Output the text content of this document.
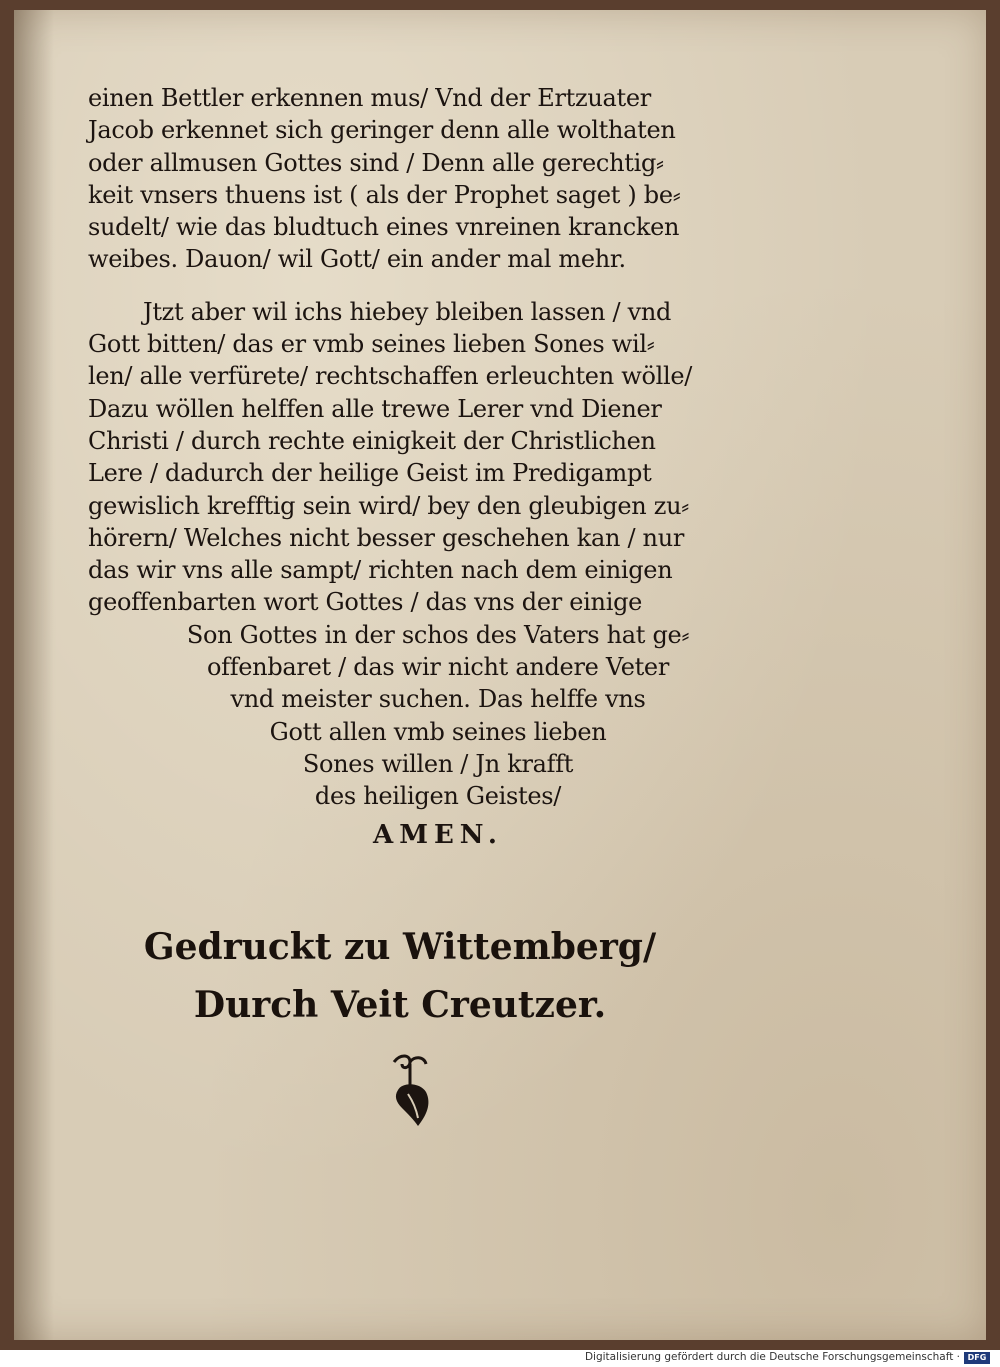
einen Bettler erkennen mus/ Vnd der Ertzuater
Jacob erkennet sich geringer denn alle wolthaten
oder allmusen Gottes sind / Denn alle gerechtig⸗
keit vnsers thuens ist ( als der Prophet saget ) be⸗
sudelt/ wie das bludtuch eines vnreinen krancken
weibes. Dauon/ wil Gott/ ein ander mal mehr.
Jtzt aber wil ichs hiebey bleiben lassen / vnd
Gott bitten/ das er vmb seines lieben Sones wil⸗
len/ alle verfürete/ rechtschaffen erleuchten wölle/
Dazu wöllen helffen alle trewe Lerer vnd Diener
Christi / durch rechte einigkeit der Christlichen
Lere / dadurch der heilige Geist im Predigampt
gewislich krefftig sein wird/ bey den gleubigen zu⸗
hörern/ Welches nicht besser geschehen kan / nur
das wir vns alle sampt/ richten nach dem einigen
geoffenbarten wort Gottes / das vns der einige
Son Gottes in der schos des Vaters hat ge⸗
offenbaret / das wir nicht andere Veter
vnd meister suchen. Das helffe vns
Gott allen vmb seines lieben
Sones willen / Jn krafft
des heiligen Geistes/
AMEN.
Gedruckt zu Wittemberg/
Durch Veit Creutzer.
Digitalisierung gefördert durch die Deutsche Forschungsgemeinschaft · DFG
